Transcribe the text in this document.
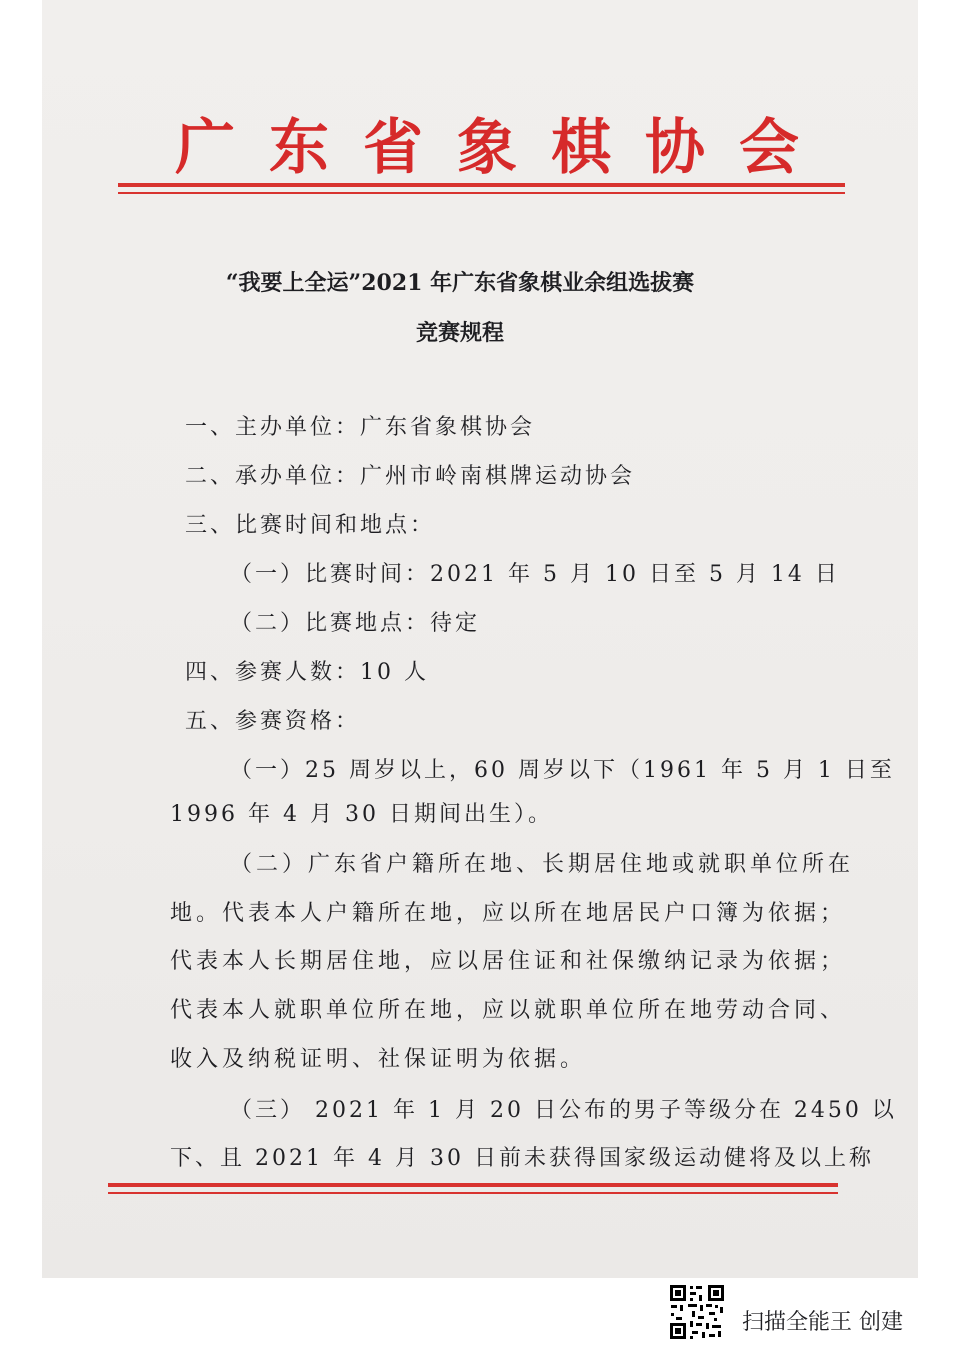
广东省象棋协会
“我要上全运”2021 年广东省象棋业余组选拔赛
竞赛规程
一、主办单位：广东省象棋协会
二、承办单位：广州市岭南棋牌运动协会
三、比赛时间和地点：
（一）比赛时间：2021 年 5 月 10 日至 5 月 14 日
（二）比赛地点：待定
四、参赛人数：10 人
五、参赛资格：
（一）25 周岁以上，60 周岁以下（1961 年 5 月 1 日至
1996 年 4 月 30 日期间出生）。
（二）广东省户籍所在地、长期居住地或就职单位所在
地。代表本人户籍所在地，应以所在地居民户口簿为依据；
代表本人长期居住地，应以居住证和社保缴纳记录为依据；
代表本人就职单位所在地，应以就职单位所在地劳动合同、
收入及纳税证明、社保证明为依据。
（三） 2021 年 1 月 20 日公布的男子等级分在 2450 以
下、且 2021 年 4 月 30 日前未获得国家级运动健将及以上称
扫描全能王 创建
